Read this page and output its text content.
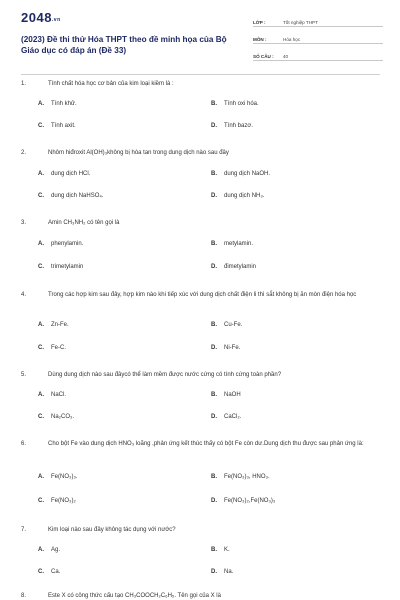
2048.vn
(2023) Đề thi thử Hóa THPT theo đề minh họa của Bộ Giáo dục có đáp án (Đề 33)
LỚP :	Tốt nghiệp THPT
MÔN :	Hóa học
SỐ CÂU :	40
1.	Tính chất hóa học cơ bản của kim loại kiềm là :
A. Tính khử.	B. Tính oxi hóa.
C. Tính axit.	D. Tính bazơ.
2.	Nhôm hiđroxit Al(OH)₃không bị hòa tan trong dung dịch nào sau đây
A. dung dịch HCl.	B. dung dịch NaOH.
C. dung dịch NaHSO₄.	D. dung dịch NH₃.
3.	Amin CH₃NH₂ có tên gọi là
A. phenylamin.	B. metylamin.
C. trimetylamin	D. đimetylamin
4.	Trong các hợp kim sau đây, hợp kim nào khi tiếp xúc với dung dịch chất điện li thì sắt không bị ăn mòn điện hóa học
A. Zn-Fe.	B. Cu-Fe.
C. Fe-C.	D. Ni-Fe.
5.	Dùng dung dịch nào sau đâycó thể làm mềm được nước cứng có tính cứng toàn phần?
A. NaCl.	B. NaOH
C. Na₂CO₃.	D. CaCl₂.
6.	Cho bột Fe vào dung dịch HNO₃ loãng ,phản ứng kết thúc thấy có bột Fe còn dư.Dung dịch thu được sau phản ứng là:
A. Fe(NO₃)₃.	B. Fe(NO₃)₃, HNO₃.
C. Fe(NO₃)₂	D. Fe(NO₃)₂,Fe(NO₃)₃
7.	Kim loại nào sau đây không tác dụng với nước?
A. Ag.	B. K.
C. Ca.	D. Na.
8.	Este X có công thức cấu tạo CH₃COOCH₂C₆H₅. Tên gọi của X là
